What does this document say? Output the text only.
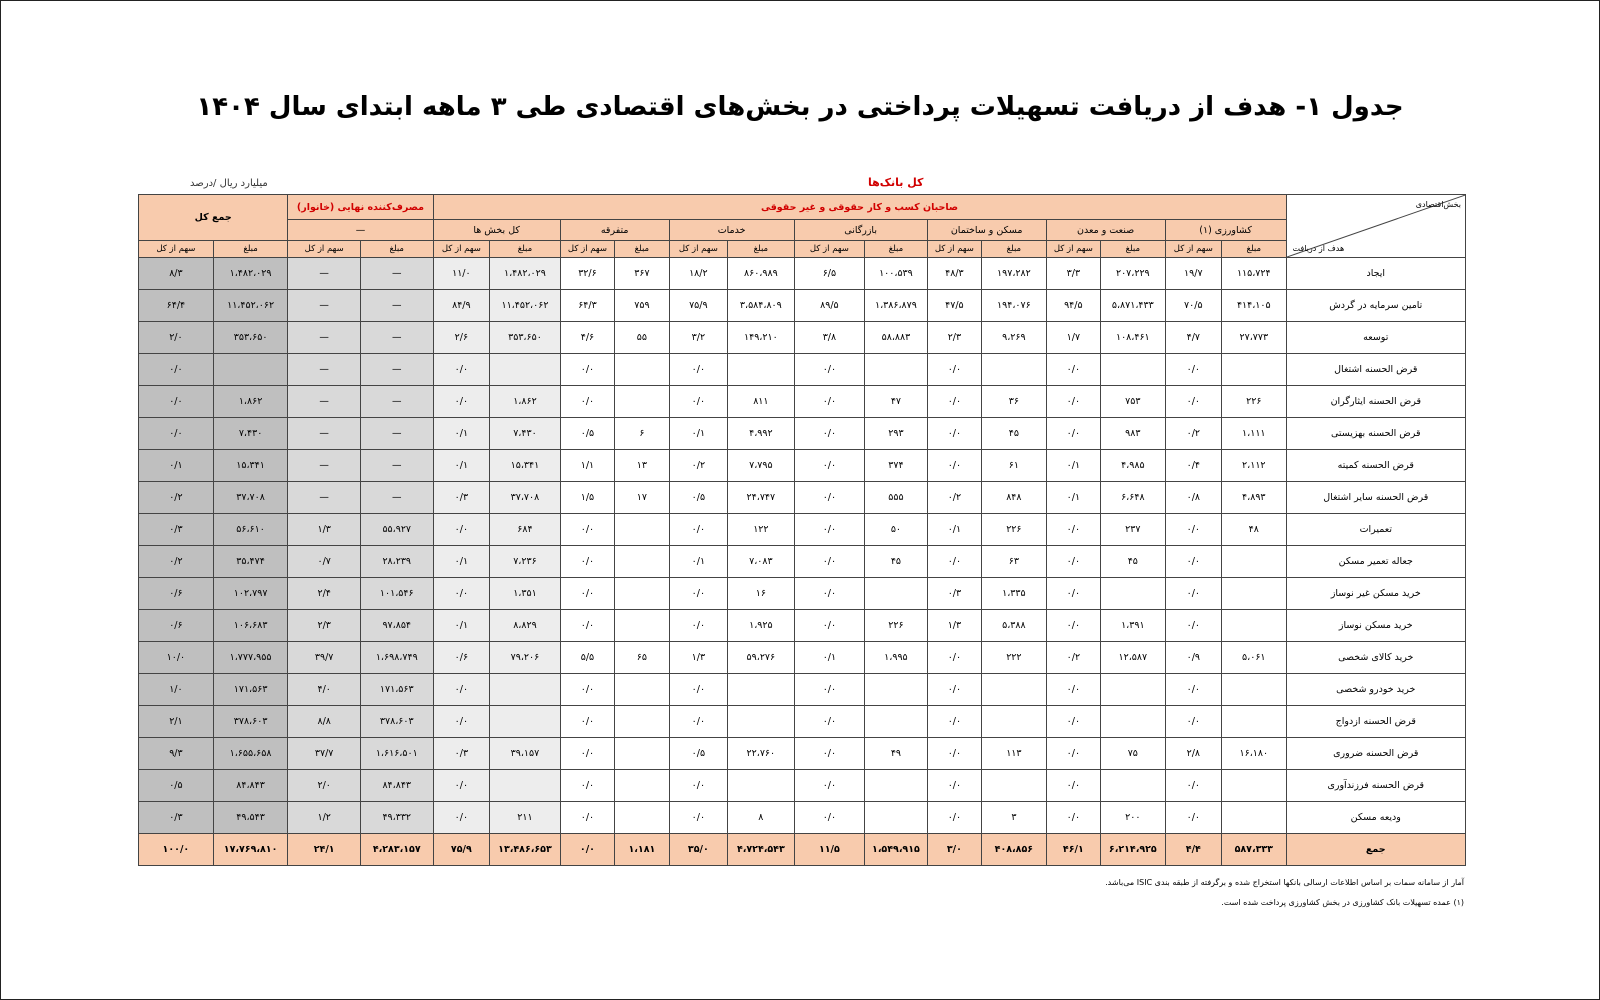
جدول ۱- هدف از دریافت تسهیلات پرداختی در بخش‌های اقتصادی طی ۳ ماهه ابتدای سال ۱۴۰۴
کل بانک‌ها
میلیارد ریال /درصد
بخش‌اقتصادی
هدف از دریافت	صاحبان کسب و کار حقوقی و غیر حقوقی														مصرف‌کننده نهایی (خانوار)		جمع کل	
	کشاورزی (۱)		صنعت و معدن		مسکن و ساختمان		بازرگانی		خدمات		متفرقه		کل بخش ها		—			
	مبلغ	سهم از کل	مبلغ	سهم از کل	مبلغ	سهم از کل	مبلغ	سهم از کل	مبلغ	سهم از کل	مبلغ	سهم از کل	مبلغ	سهم از کل	مبلغ	سهم از کل	مبلغ	سهم از کل
ایجاد	۱۱۵،۷۲۴	۱۹/۷	۲۰۷،۲۲۹	۳/۳	۱۹۷،۲۸۲	۴۸/۳	۱۰۰،۵۳۹	۶/۵	۸۶۰،۹۸۹	۱۸/۲	۳۶۷	۳۲/۶	۱،۴۸۲،۰۲۹	۱۱/۰	—	—	۱،۴۸۲،۰۲۹	۸/۳
تامین سرمایه در گردش	۴۱۴،۱۰۵	۷۰/۵	۵،۸۷۱،۴۳۳	۹۴/۵	۱۹۴،۰۷۶	۴۷/۵	۱،۳۸۶،۸۷۹	۸۹/۵	۳،۵۸۴،۸۰۹	۷۵/۹	۷۵۹	۶۴/۳	۱۱،۴۵۲،۰۶۲	۸۴/۹	—	—	۱۱،۴۵۲،۰۶۲	۶۴/۴
توسعه	۲۷،۷۷۳	۴/۷	۱۰۸،۴۶۱	۱/۷	۹،۲۶۹	۲/۳	۵۸،۸۸۳	۳/۸	۱۴۹،۲۱۰	۳/۲	۵۵	۴/۶	۳۵۳،۶۵۰	۲/۶	—	—	۳۵۳،۶۵۰	۲/۰
قرض الحسنه اشتغال		۰/۰		۰/۰		۰/۰		۰/۰		۰/۰		۰/۰		۰/۰	—	—		۰/۰
قرض الحسنه ایثارگران	۲۲۶	۰/۰	۷۵۳	۰/۰	۳۶	۰/۰	۴۷	۰/۰	۸۱۱	۰/۰		۰/۰	۱،۸۶۲	۰/۰	—	—	۱،۸۶۲	۰/۰
قرض الحسنه بهزیستی	۱،۱۱۱	۰/۲	۹۸۳	۰/۰	۴۵	۰/۰	۲۹۳	۰/۰	۴،۹۹۲	۰/۱	۶	۰/۵	۷،۴۳۰	۰/۱	—	—	۷،۴۳۰	۰/۰
قرض الحسنه کمیته	۲،۱۱۲	۰/۴	۴،۹۸۵	۰/۱	۶۱	۰/۰	۳۷۴	۰/۰	۷،۷۹۵	۰/۲	۱۳	۱/۱	۱۵،۳۴۱	۰/۱	—	—	۱۵،۳۴۱	۰/۱
قرض الحسنه سایر اشتغال	۴،۸۹۳	۰/۸	۶،۶۴۸	۰/۱	۸۴۸	۰/۲	۵۵۵	۰/۰	۲۴،۷۴۷	۰/۵	۱۷	۱/۵	۳۷،۷۰۸	۰/۳	—	—	۳۷،۷۰۸	۰/۲
تعمیرات	۴۸	۰/۰	۲۳۷	۰/۰	۲۲۶	۰/۱	۵۰	۰/۰	۱۲۲	۰/۰		۰/۰	۶۸۴	۰/۰	۵۵،۹۲۷	۱/۳	۵۶،۶۱۰	۰/۳
جعاله تعمیر مسکن		۰/۰	۴۵	۰/۰	۶۳	۰/۰	۴۵	۰/۰	۷،۰۸۳	۰/۱		۰/۰	۷،۲۳۶	۰/۱	۲۸،۲۳۹	۰/۷	۳۵،۴۷۴	۰/۲
خرید مسکن غیر نوساز		۰/۰		۰/۰	۱،۳۳۵	۰/۳		۰/۰	۱۶	۰/۰		۰/۰	۱،۳۵۱	۰/۰	۱۰۱،۵۴۶	۲/۴	۱۰۲،۷۹۷	۰/۶
خرید مسکن نوساز		۰/۰	۱،۳۹۱	۰/۰	۵،۳۸۸	۱/۳	۲۲۶	۰/۰	۱،۹۲۵	۰/۰		۰/۰	۸،۸۲۹	۰/۱	۹۷،۸۵۴	۲/۳	۱۰۶،۶۸۳	۰/۶
خرید کالای شخصی	۵،۰۶۱	۰/۹	۱۲،۵۸۷	۰/۲	۲۲۲	۰/۰	۱،۹۹۵	۰/۱	۵۹،۲۷۶	۱/۳	۶۵	۵/۵	۷۹،۲۰۶	۰/۶	۱،۶۹۸،۷۴۹	۳۹/۷	۱،۷۷۷،۹۵۵	۱۰/۰
خرید خودرو شخصی		۰/۰		۰/۰		۰/۰		۰/۰		۰/۰		۰/۰		۰/۰	۱۷۱،۵۶۳	۴/۰	۱۷۱،۵۶۳	۱/۰
قرض الحسنه ازدواج		۰/۰		۰/۰		۰/۰		۰/۰		۰/۰		۰/۰		۰/۰	۳۷۸،۶۰۳	۸/۸	۳۷۸،۶۰۳	۲/۱
قرض الحسنه ضروری	۱۶،۱۸۰	۲/۸	۷۵	۰/۰	۱۱۳	۰/۰	۴۹	۰/۰	۲۲،۷۶۰	۰/۵		۰/۰	۳۹،۱۵۷	۰/۳	۱،۶۱۶،۵۰۱	۳۷/۷	۱،۶۵۵،۶۵۸	۹/۳
قرض الحسنه فرزندآوری		۰/۰		۰/۰		۰/۰		۰/۰		۰/۰		۰/۰		۰/۰	۸۴،۸۴۳	۲/۰	۸۴،۸۴۳	۰/۵
ودیعه مسکن		۰/۰	۲۰۰	۰/۰	۳	۰/۰		۰/۰	۸	۰/۰		۰/۰	۲۱۱	۰/۰	۴۹،۳۳۲	۱/۲	۴۹،۵۴۳	۰/۳
جمع	۵۸۷،۳۳۳	۴/۴	۶،۲۱۴،۹۲۵	۴۶/۱	۴۰۸،۸۵۶	۳/۰	۱،۵۴۹،۹۱۵	۱۱/۵	۴،۷۲۴،۵۴۳	۳۵/۰	۱،۱۸۱	۰/۰	۱۳،۴۸۶،۶۵۳	۷۵/۹	۴،۲۸۳،۱۵۷	۲۴/۱	۱۷،۷۶۹،۸۱۰	۱۰۰/۰
آمار از سامانه سمات بر اساس اطلاعات ارسالی بانکها استخراج شده و برگرفته از طبقه بندی ISIC می‌باشد.
(۱) عمده تسهیلات بانک کشاورزی در بخش کشاورزی پرداخت شده است.
